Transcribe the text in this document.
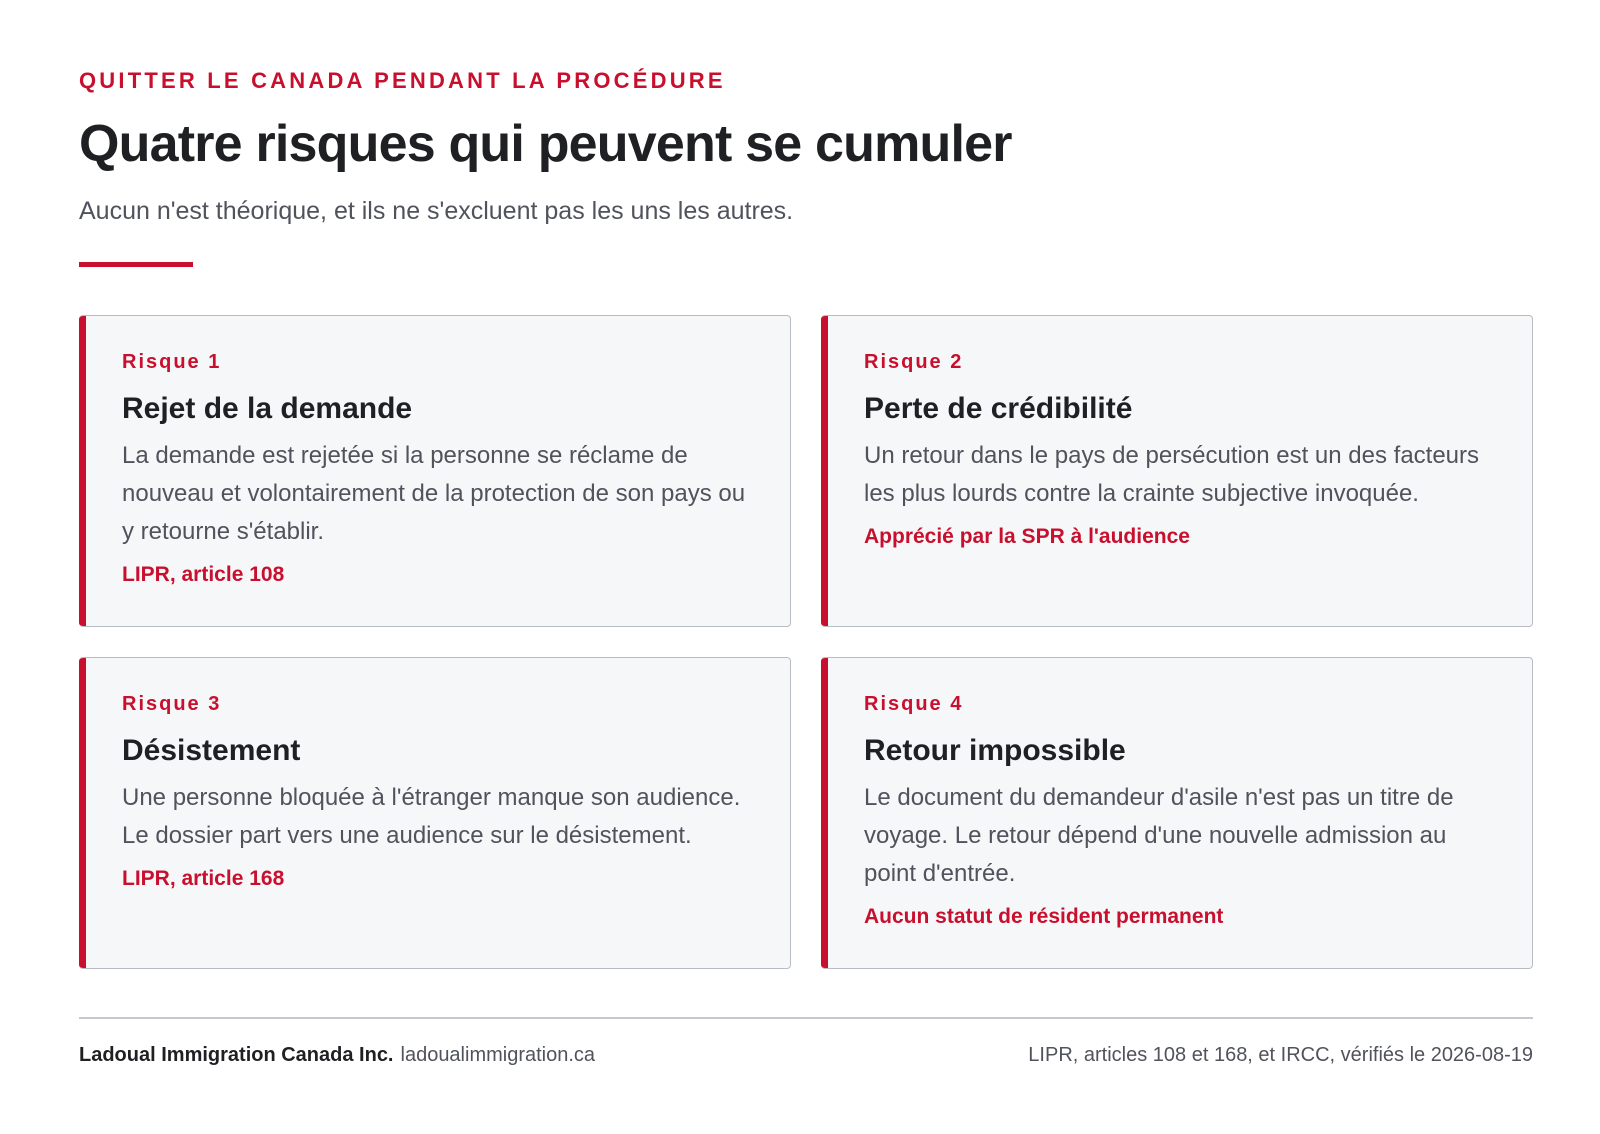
QUITTER LE CANADA PENDANT LA PROCÉDURE
Quatre risques qui peuvent se cumuler

Aucun n'est théorique, et ils ne s'excluent pas les uns les autres.

Risque 1
Rejet de la demande
La demande est rejetée si la personne se réclame de nouveau et volontairement de la protection de son pays ou y retourne s'établir.
LIPR, article 108
Risque 2
Perte de crédibilité
Un retour dans le pays de persécution est un des facteurs les plus lourds contre la crainte subjective invoquée.
Apprécié par la SPR à l'audience
Risque 3
Désistement
Une personne bloquée à l'étranger manque son audience. Le dossier part vers une audience sur le désistement.
LIPR, article 168
Risque 4
Retour impossible
Le document du demandeur d'asile n'est pas un titre de voyage. Le retour dépend d'une nouvelle admission au point d'entrée.
Aucun statut de résident permanent
Ladoual Immigration Canada Inc. ladoualimmigration.ca	LIPR, articles 108 et 168, et IRCC, vérifiés le 2026-08-19
